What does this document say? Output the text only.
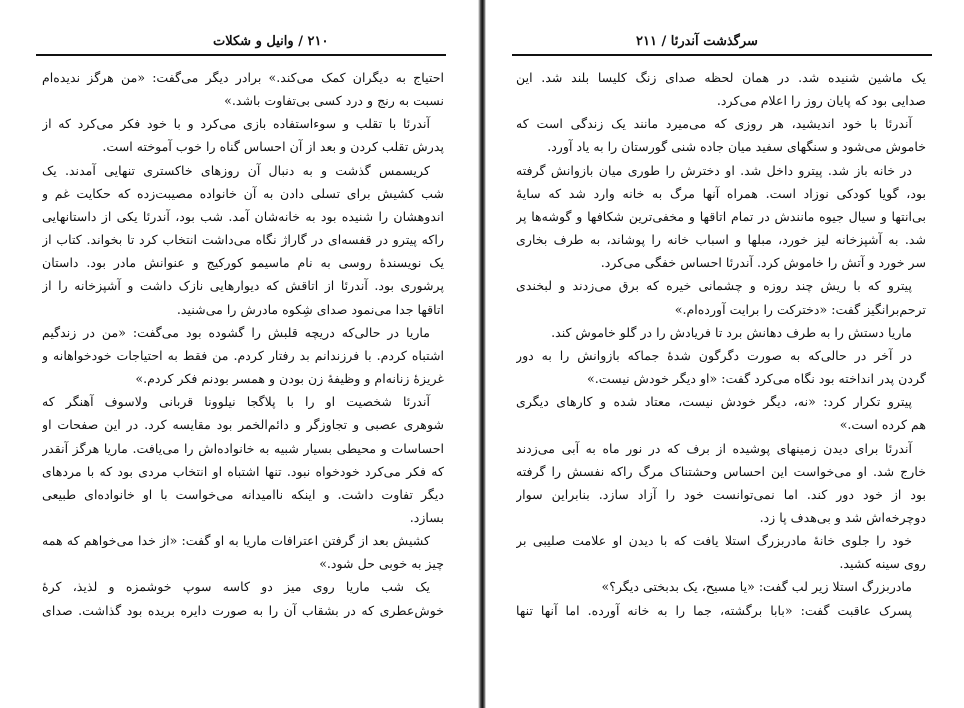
۲۱۰ / وانیل و شکلات
احتیاج به دیگران کمک می‌کند.» برادر دیگر می‌گفت: «من هرگز ندیده‌ام
نسبت به رنج و درد کسی بی‌تفاوت باشد.»
آندرئا با تقلب و سوءاستفاده بازی می‌کرد و با خود فکر می‌کرد که از
پدرش تقلب کردن و بعد از آن احساس گناه را خوب آموخته است.
کریسمس گذشت و به دنبال آن روزهای خاکستری تنهایی آمدند. یک
شب کشیش برای تسلی دادن به آن خانواده مصیبت‌زده که حکایت غم و
اندوهشان را شنیده بود به خانه‌شان آمد. شب بود، آندرئا یکی از داستانهایی
راکه پیترو در قفسه‌ای در گاراژ نگاه می‌داشت انتخاب کرد تا بخواند. کتاب از
یک نویسندۀ روسی به نام ماسیمو کورکیج و عنوانش مادر بود. داستان
پرشوری بود. آندرئا از اتاقش که دیوارهایی نازک داشت و آشپزخانه را از
اتاقها جدا می‌نمود صدای شِکوه مادرش را می‌شنید.
ماریا در حالی‌که دریچه قلبش را گشوده بود می‌گفت: «من در زندگیم
اشتباه کردم. با فرزندانم بد رفتار کردم. من فقط به احتیاجات خودخواهانه و
غریزۀ زنانه‌ام و وظیفۀ زن بودن و همسر بودنم فکر کردم.»
آندرئا شخصیت او را با پلاگجا نیلوونا قربانی ولاسوف آهنگر که
شوهری عصبی و تجاوزگر و دائم‌الخمر بود مقایسه کرد. در این صفحات او
احساسات و محیطی بسیار شبیه به خانواده‌اش را می‌یافت. ماریا هرگز آنقدر
که فکر می‌کرد خودخواه نبود. تنها اشتباه او انتخاب مردی بود که با مردهای
دیگر تفاوت داشت. و اینکه ناامیدانه می‌خواست با او خانواده‌ای طبیعی
بسازد.
کشیش بعد از گرفتن اعترافات ماریا به او گفت: «از خدا می‌خواهم که همه
چیز به خوبی حل شود.»
یک شب ماریا روی میز دو کاسه سوپ خوشمزه و لذیذ، کرۀ
خوش‌عطری که در بشقاب آن را به صورت دایره بریده بود گذاشت. صدای
سرگذشت آندرئا / ۲۱۱
یک ماشین شنیده شد. در همان لحظه صدای زنگ کلیسا بلند شد. این
صدایی بود که پایان روز را اعلام می‌کرد.
آندرئا با خود اندیشید، هر روزی که می‌میرد مانند یک زندگی است که
خاموش می‌شود و سنگهای سفید میان جاده شنی گورستان را به یاد آورد.
در خانه باز شد. پیترو داخل شد. او دخترش را طوری میان بازوانش گرفته
بود، گویا کودکی نوزاد است. همراه آنها مرگ به خانه وارد شد که سایۀ
بی‌انتها و سیال جیوه مانندش در تمام اتاقها و مخفی‌ترین شکافها و گوشه‌ها پر
شد. به آشپزخانه لیز خورد، مبلها و اسباب خانه را پوشاند، به طرف بخاری
سر خورد و آتش را خاموش کرد. آندرئا احساس خفگی می‌کرد.
پیترو که با ریش چند روزه و چشمانی خیره که برق می‌زدند و لبخندی
ترحم‌برانگیز گفت: «دخترکت را برایت آورده‌ام.»
ماریا دستش را به طرف دهانش برد تا فریادش را در گلو خاموش کند.
در آخر در حالی‌که به صورت دگرگون شدۀ جماکه بازوانش را به دور
گردن پدر انداخته بود نگاه می‌کرد گفت: «او دیگر خودش نیست.»
پیترو تکرار کرد: «نه، دیگر خودش نیست، معتاد شده و کارهای دیگری
هم کرده است.»
آندرئا برای دیدن زمینهای پوشیده از برف که در نور ماه به آبی می‌زدند
خارج شد. او می‌خواست این احساس وحشتناک مرگ راکه نفسش را گرفته
بود از خود دور کند. اما نمی‌توانست خود را آزاد سازد. بنابراین سوار
دوچرخه‌اش شد و بی‌هدف پا زد.
خود را جلوی خانۀ مادربزرگ استلا یافت که با دیدن او علامت صلیبی بر
روی سینه کشید.
مادربزرگ استلا زیر لب گفت: «یا مسیح، یک بدبختی دیگر؟»
پسرک عاقبت گفت: «بابا برگشته، جما را به خانه آورده. اما آنها تنها
